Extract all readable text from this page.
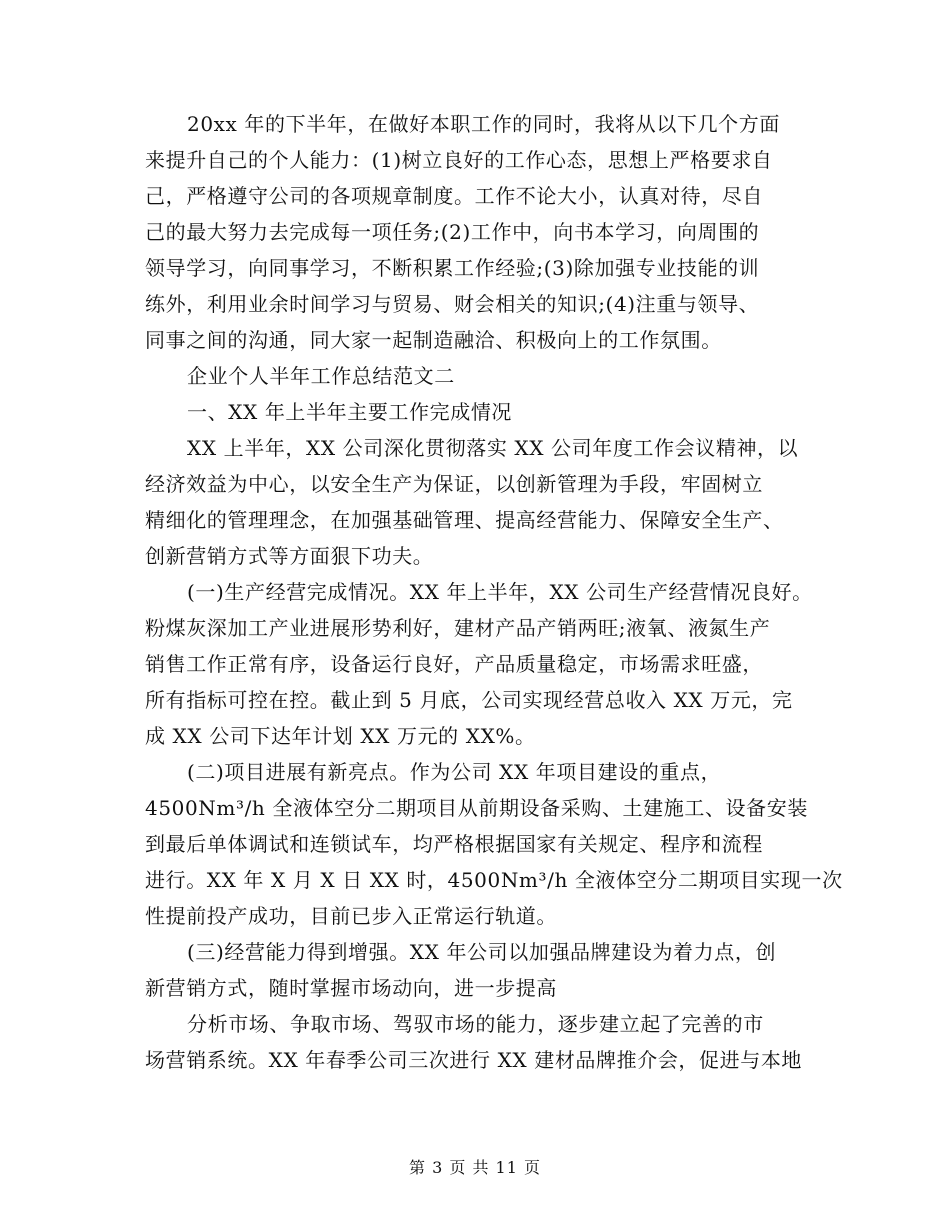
20xx 年的下半年，在做好本职工作的同时，我将从以下几个方面
来提升自己的个人能力：(1)树立良好的工作心态，思想上严格要求自
己，严格遵守公司的各项规章制度。工作不论大小，认真对待，尽自
己的最大努力去完成每一项任务;(2)工作中，向书本学习，向周围的
领导学习，向同事学习，不断积累工作经验;(3)除加强专业技能的训
练外，利用业余时间学习与贸易、财会相关的知识;(4)注重与领导、
同事之间的沟通，同大家一起制造融洽、积极向上的工作氛围。
企业个人半年工作总结范文二
一、XX 年上半年主要工作完成情况
XX 上半年，XX 公司深化贯彻落实 XX 公司年度工作会议精神，以
经济效益为中心，以安全生产为保证，以创新管理为手段，牢固树立
精细化的管理理念，在加强基础管理、提高经营能力、保障安全生产、
创新营销方式等方面狠下功夫。
(一)生产经营完成情况。XX 年上半年，XX 公司生产经营情况良好。
粉煤灰深加工产业进展形势利好，建材产品产销两旺;液氧、液氮生产
销售工作正常有序，设备运行良好，产品质量稳定，市场需求旺盛，
所有指标可控在控。截止到 5 月底，公司实现经营总收入 XX 万元，完
成 XX 公司下达年计划 XX 万元的 XX%。
(二)项目进展有新亮点。作为公司 XX 年项目建设的重点，
4500Nm³/h 全液体空分二期项目从前期设备采购、土建施工、设备安装
到最后单体调试和连锁试车，均严格根据国家有关规定、程序和流程
进行。XX 年 X 月 X 日 XX 时，4500Nm³/h 全液体空分二期项目实现一次
性提前投产成功，目前已步入正常运行轨道。
(三)经营能力得到增强。XX 年公司以加强品牌建设为着力点，创
新营销方式，随时掌握市场动向，进一步提高
分析市场、争取市场、驾驭市场的能力，逐步建立起了完善的市
场营销系统。XX 年春季公司三次进行 XX 建材品牌推介会，促进与本地
第 3 页 共 11 页
